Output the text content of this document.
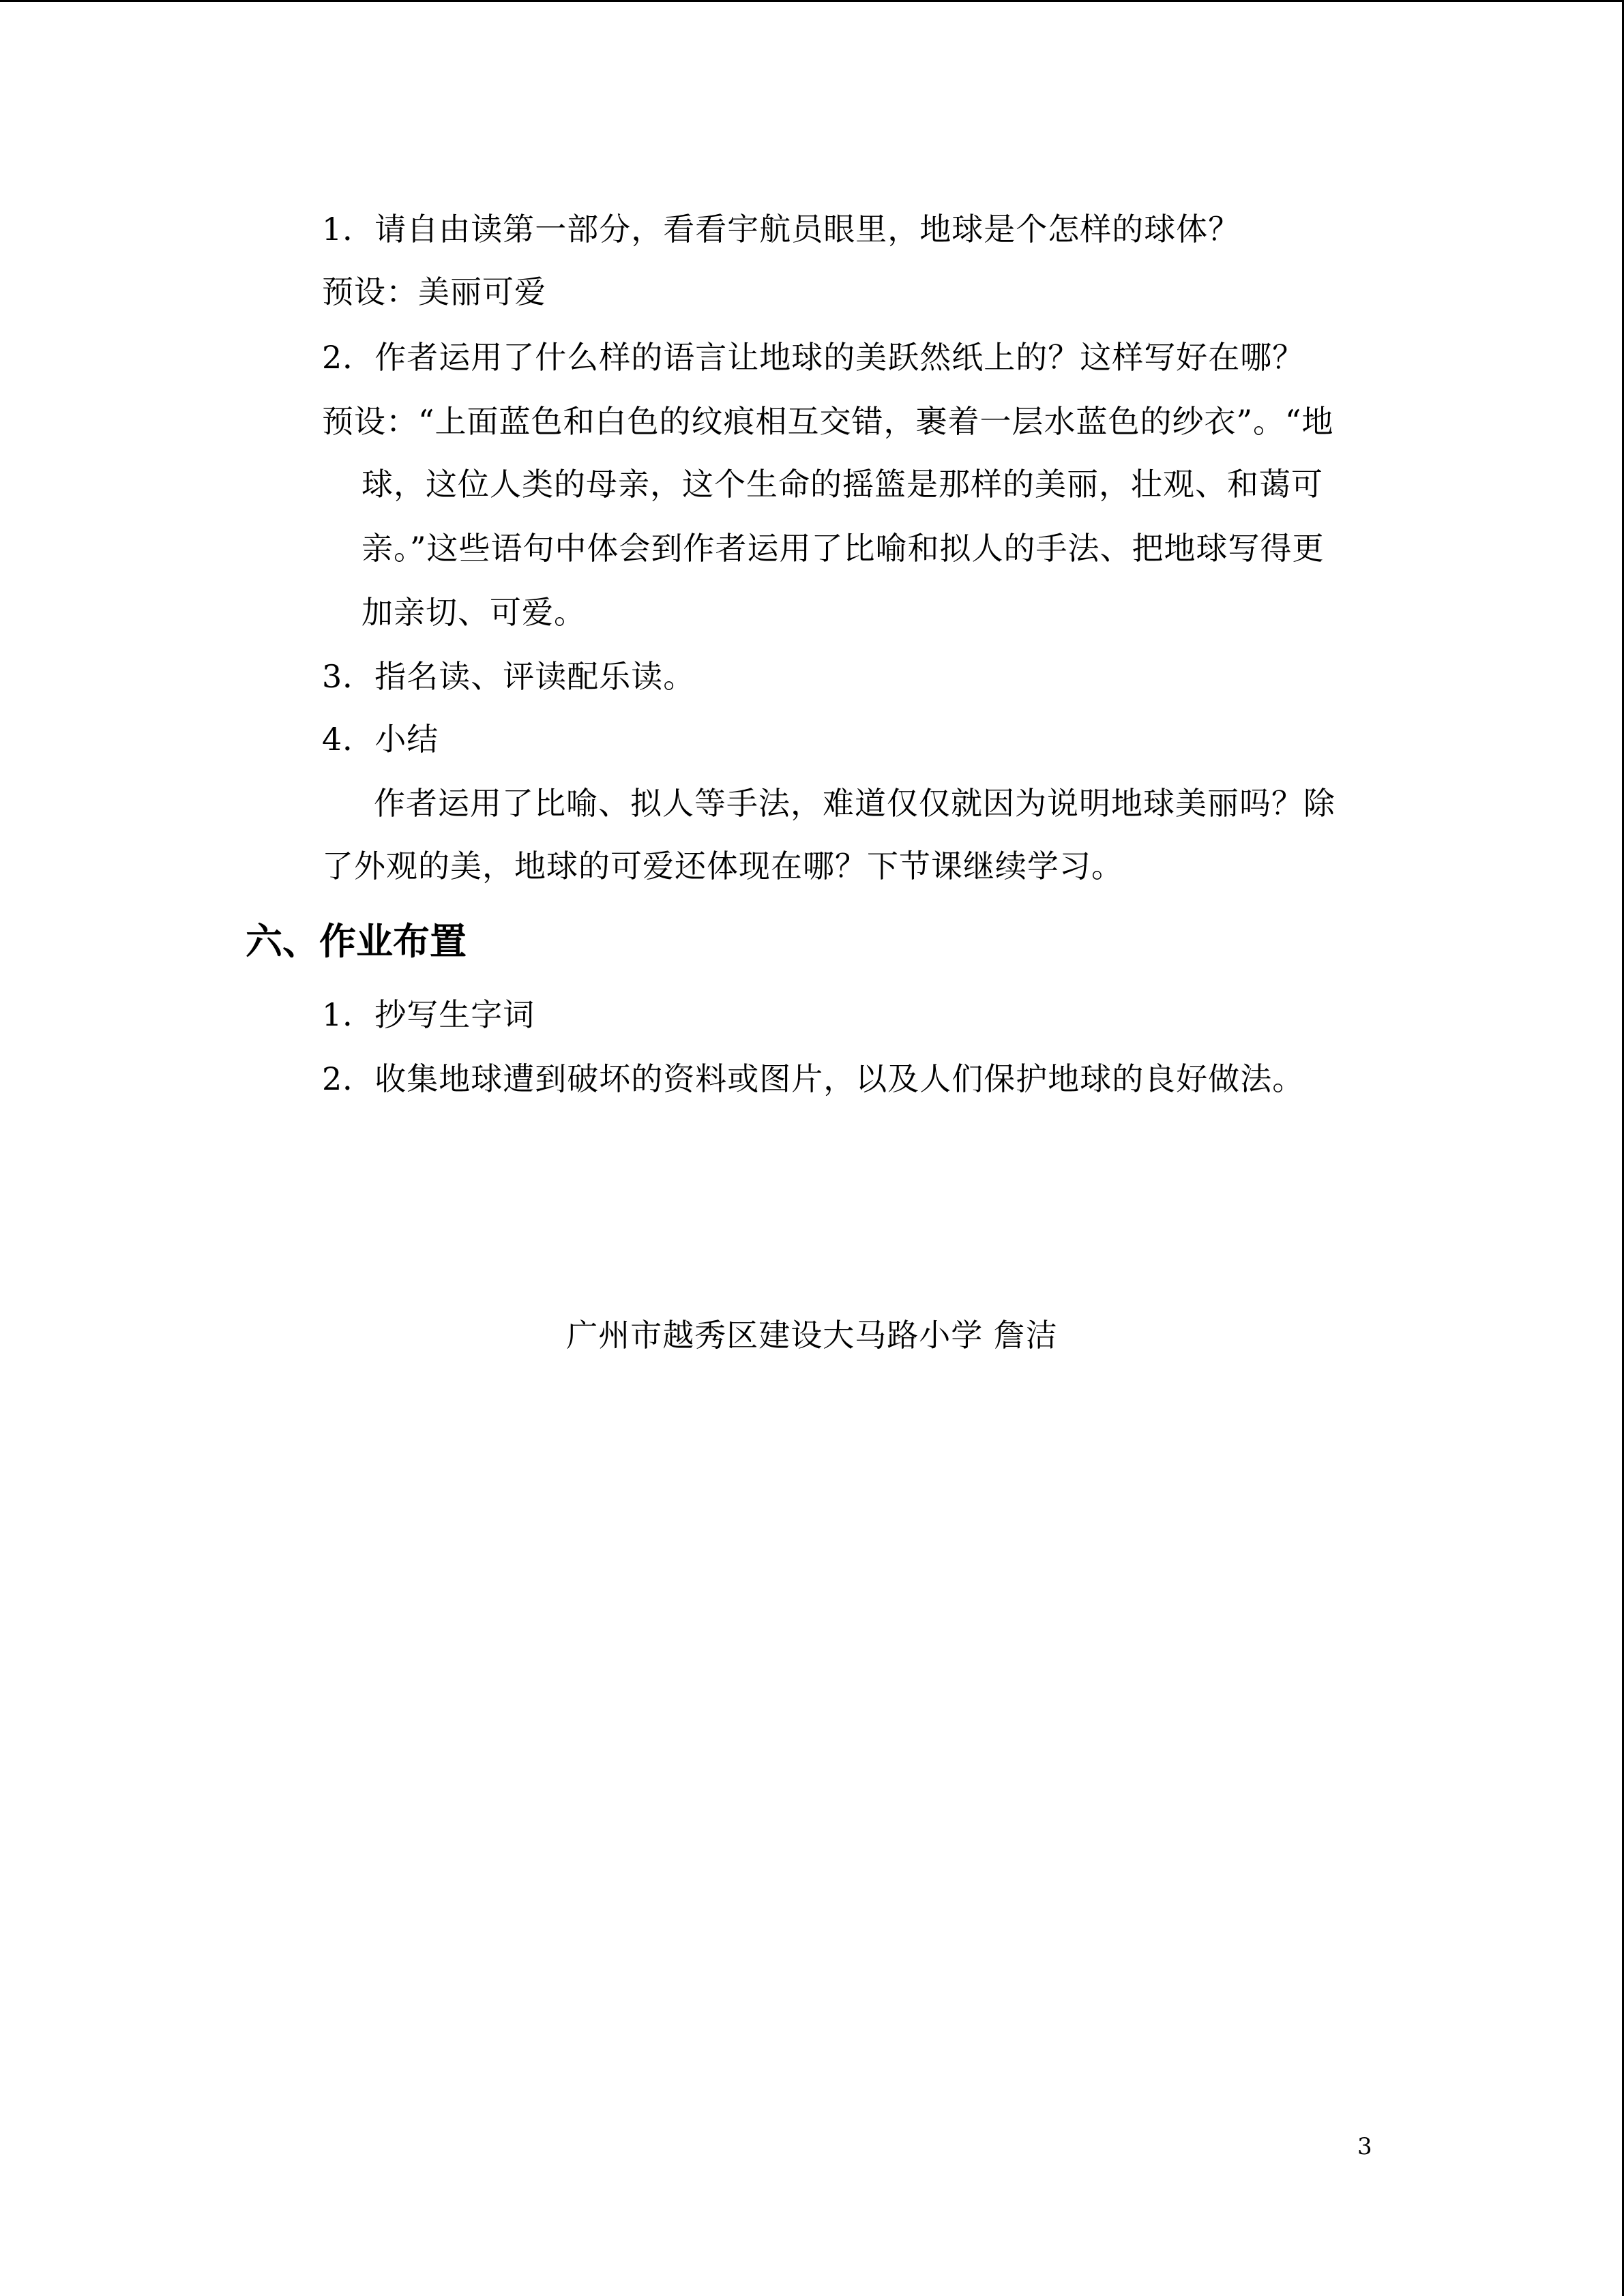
1．请自由读第一部分，看看宇航员眼里，地球是个怎样的球体？
预设：美丽可爱
2．作者运用了什么样的语言让地球的美跃然纸上的？这样写好在哪？
预设：“上面蓝色和白色的纹痕相互交错，裹着一层水蓝色的纱衣”。“地
球，这位人类的母亲，这个生命的摇篮是那样的美丽，壮观、和蔼可
亲。”这些语句中体会到作者运用了比喻和拟人的手法、把地球写得更
加亲切、可爱。
3．指名读、评读配乐读。
4．小结
作者运用了比喻、拟人等手法，难道仅仅就因为说明地球美丽吗？除
了外观的美，地球的可爱还体现在哪？下节课继续学习。
六、作业布置
1．抄写生字词
2．收集地球遭到破坏的资料或图片，以及人们保护地球的良好做法。
广州市越秀区建设大马路小学 詹洁
3
